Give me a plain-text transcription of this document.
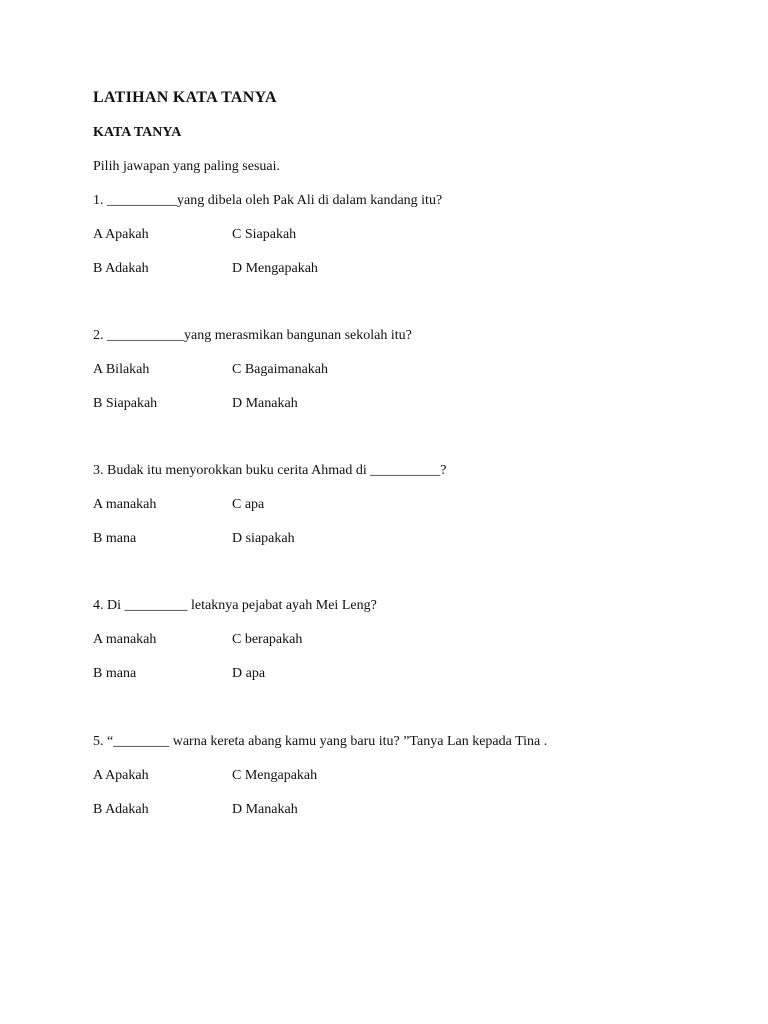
LATIHAN KATA TANYA
KATA TANYA
Pilih jawapan yang paling sesuai.
1. __________yang dibela oleh Pak Ali di dalam kandang itu?
A Apakah	C Siapakah
B Adakah	D Mengapakah
2. ___________yang merasmikan bangunan sekolah itu?
A Bilakah	C Bagaimanakah
B Siapakah	D Manakah
3. Budak itu menyorokkan buku cerita Ahmad di __________?
A manakah	C apa
B mana	D siapakah
4. Di _________ letaknya pejabat ayah Mei Leng?
A manakah	C berapakah
B mana	D apa
5. “________ warna kereta abang kamu yang baru itu? ”Tanya Lan kepada Tina .
A Apakah	C Mengapakah
B Adakah	D Manakah
